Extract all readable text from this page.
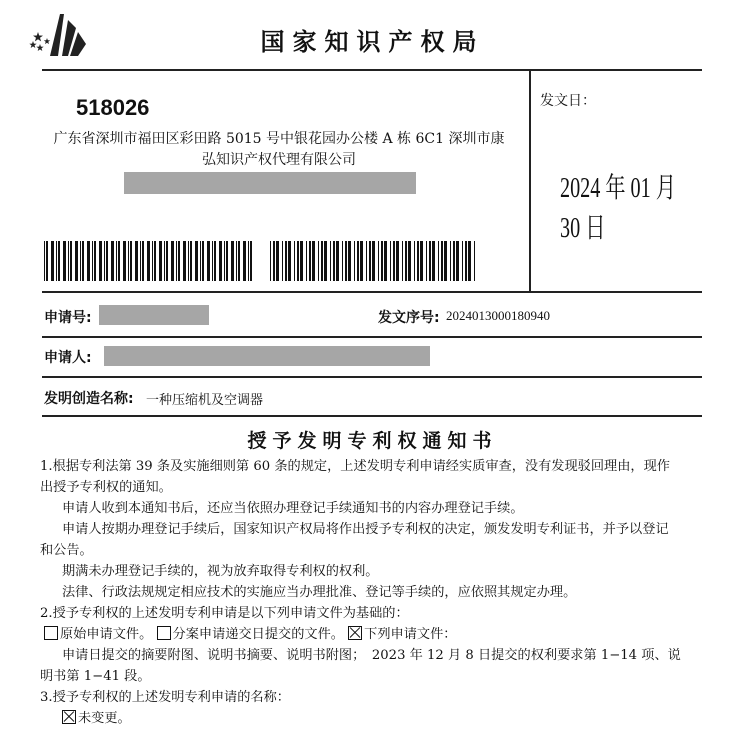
国家知识产权局
518026
广东省深圳市福田区彩田路 5015 号中银花园办公楼 A 栋 6C1 深圳市康
弘知识产权代理有限公司
发文日：
2024 年 01 月 30 日
申请号:	发文序号: 2024013000180940
申请人:
发明创造名称: 一种压缩机及空调器
授予发明专利权通知书
1.根据专利法第 39 条及实施细则第 60 条的规定，上述发明专利申请经实质审查，没有发现驳回理由，现作
出授予专利权的通知。
申请人收到本通知书后，还应当依照办理登记手续通知书的内容办理登记手续。
申请人按期办理登记手续后，国家知识产权局将作出授予专利权的决定，颁发发明专利证书，并予以登记
和公告。
期满未办理登记手续的，视为放弃取得专利权的权利。
法律、行政法规规定相应技术的实施应当办理批准、登记等手续的，应依照其规定办理。
2.授予专利权的上述发明专利申请是以下列申请文件为基础的：
原始申请文件。 分案申请递交日提交的文件。 下列申请文件：
申请日提交的摘要附图、说明书摘要、说明书附图；　2023 年 12 月 8 日提交的权利要求第 1−14 项、说
明书第 1−41 段。
3.授予专利权的上述发明专利申请的名称：
未变更。
